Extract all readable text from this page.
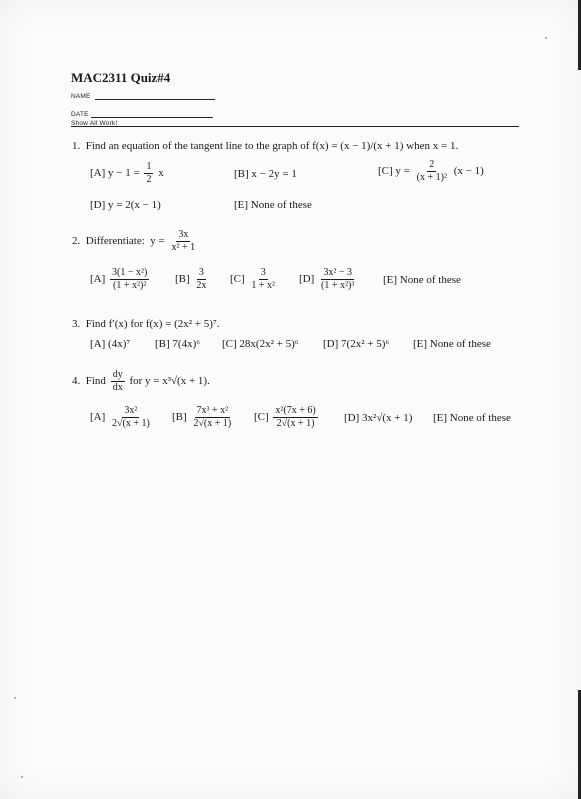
MAC2311 Quiz#4
NAME
DATE
Show All Work!
1. Find an equation of the tangent line to the graph of f(x) = (x − 1)/(x + 1) when x = 1.
[A] $y - 1 = \frac{1}{2}$ x	[B] x − 2y = 1	[C] $y = \frac{2}{\text{(x + 1)²}} (x - 1)$
[D] y = 2(x − 1)	[E] None of these
2. Differentiate: $y = \frac{3x}{\text{x² + 1}}$
$[A] \frac{\text{3(1 − x²)}}{\text{(1 + x²)²}} [B] \frac{3}{2x} [C] \frac{3}{\text{1 + x²}} [D] \frac{\text{3x² − 3}}{\text{(1 + x²)³}} [E]$ None of these
3. Find f′(x) for f(x) = (2x² + 5)⁷.
[A] (4x)⁷ [B] 7(4x)⁶ [C] 28x(2x² + 5)⁶ [D] 7(2x² + 5)⁶ [E] None of these
4. Find $\frac{dy}{dx}$ for y = x³√(x + 1).
$[A] \frac{\text{3x²}}{2√(x + 1)} [B] \frac{\text{7x³ + x²}}{2√(x + 1)} [C] \frac{\text{x²(7x + 6)}}{2√(x + 1)} [D] 3x^2√(x + 1)$ [E] None of these
